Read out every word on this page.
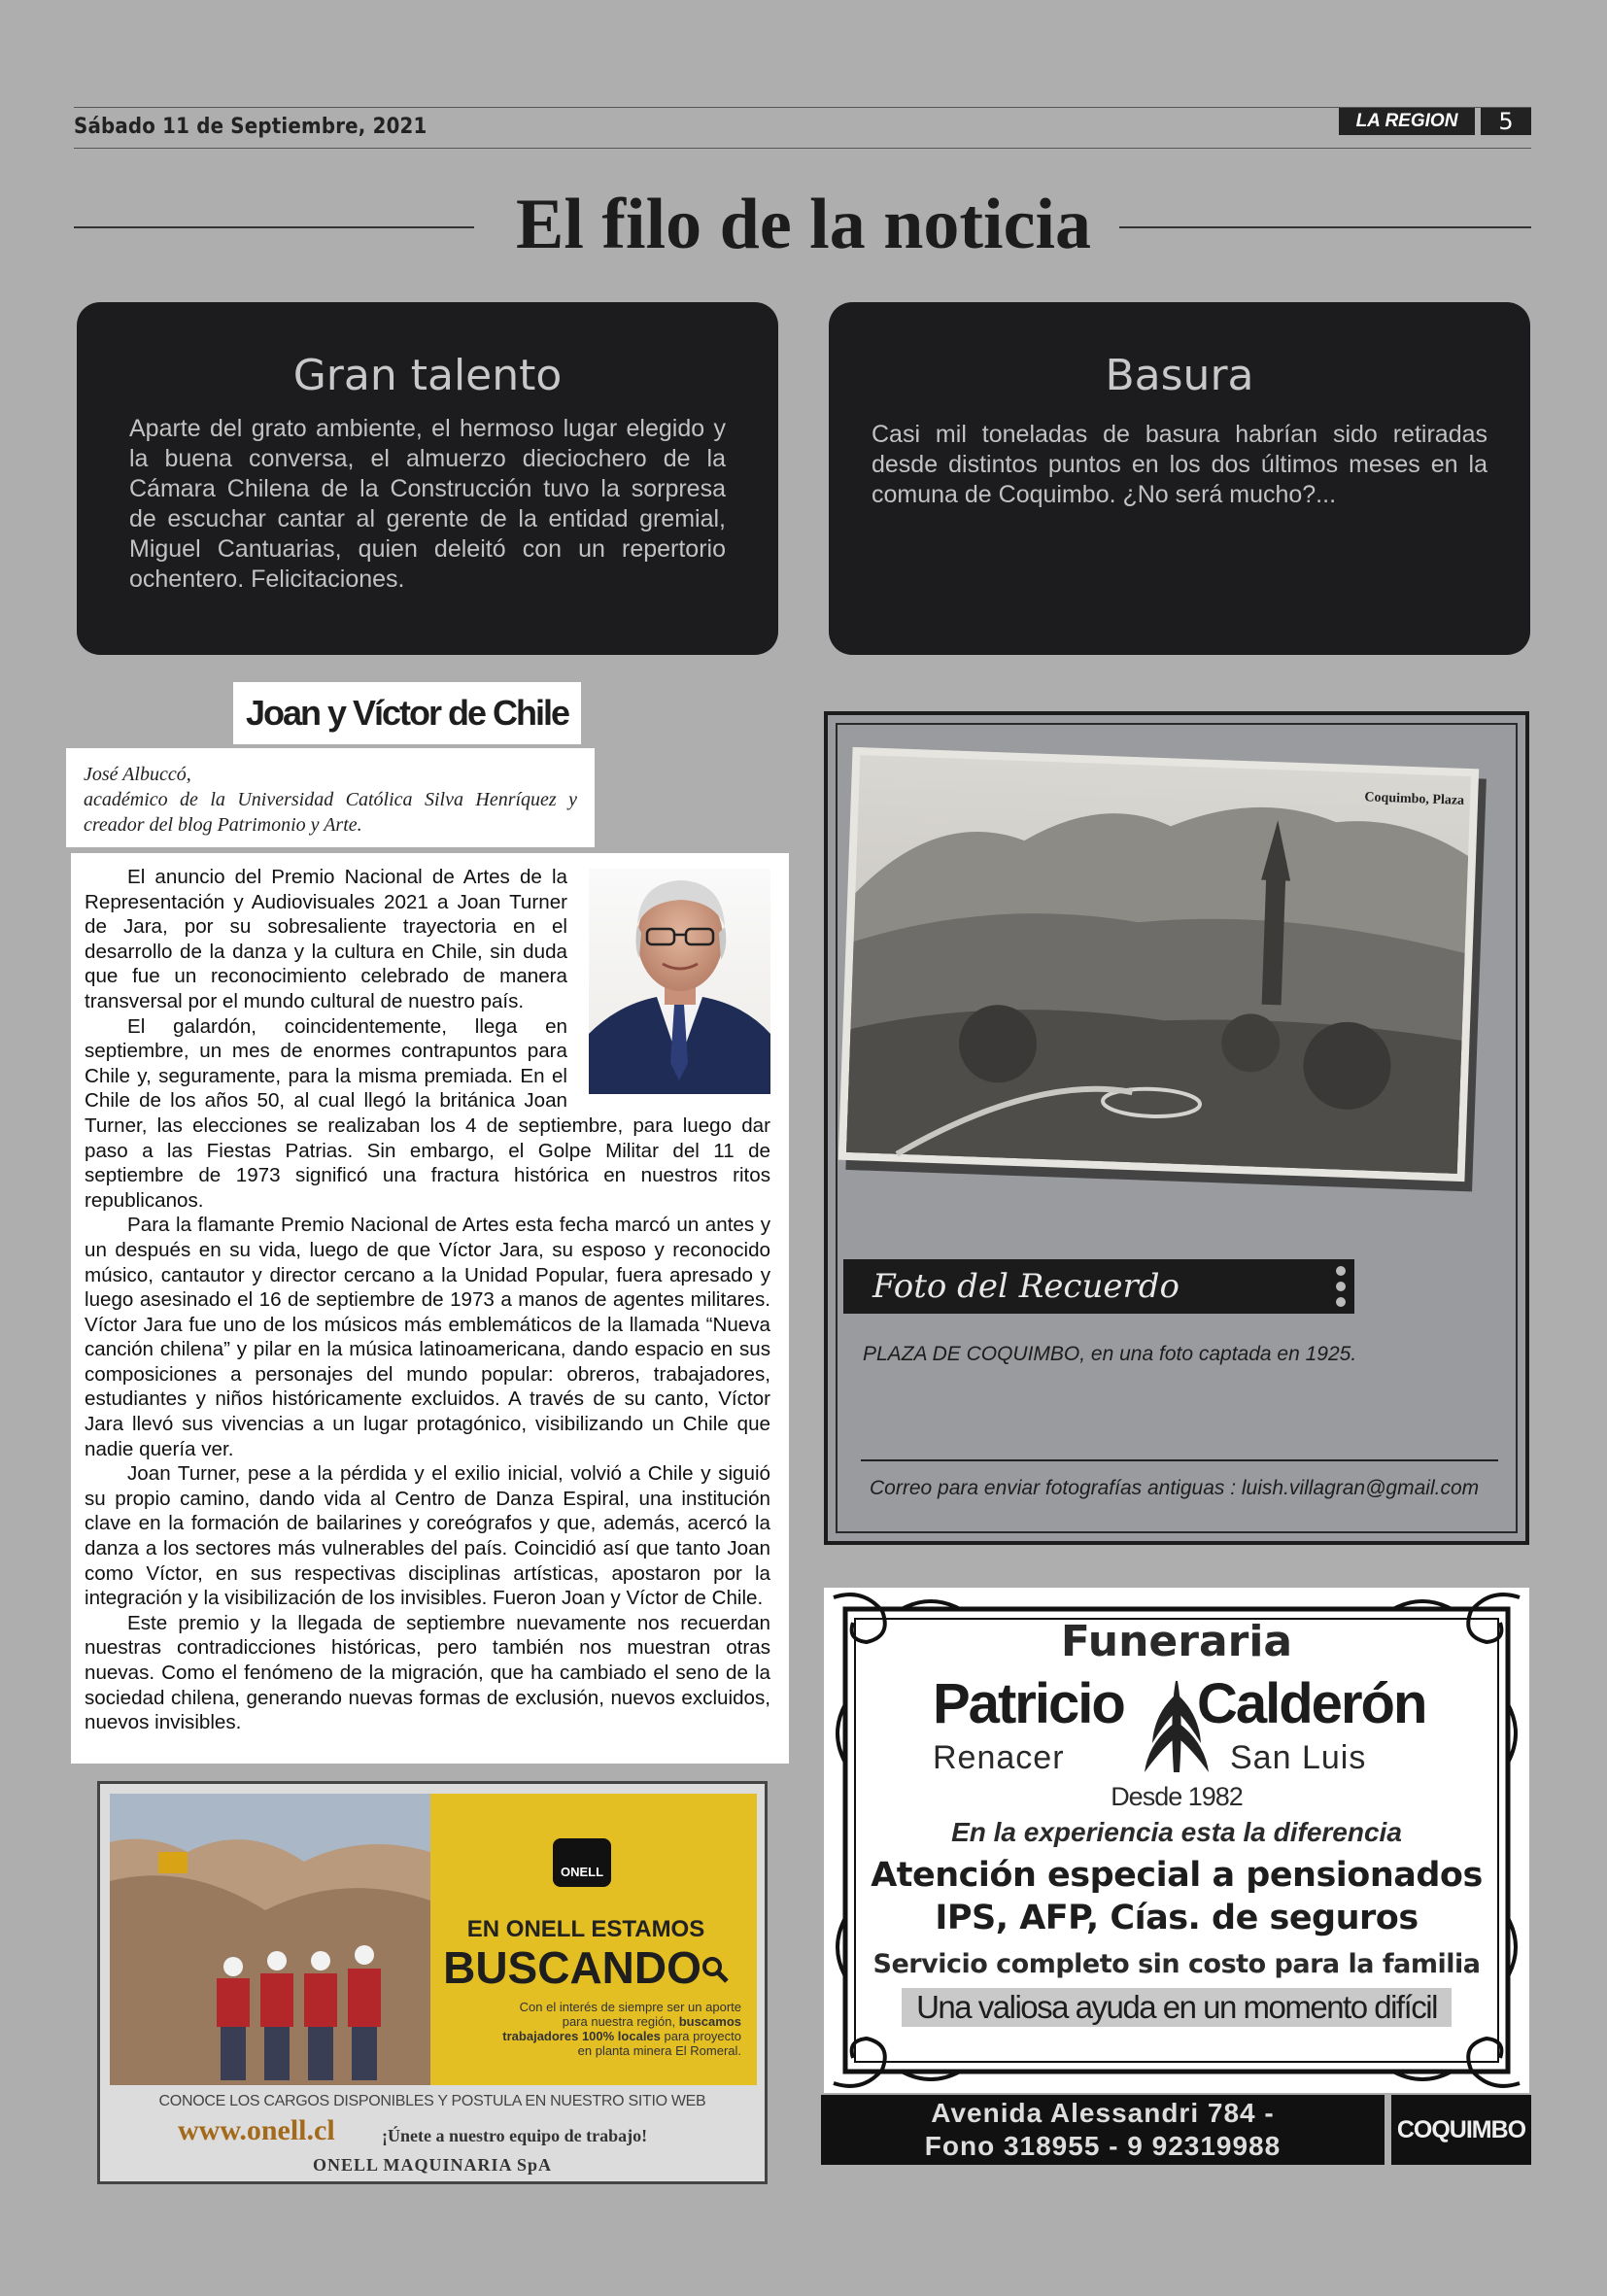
Sábado 11 de Septiembre, 2021	LA REGION	5
El filo de la noticia
Gran talento

Aparte del grato ambiente, el hermoso lugar elegido y la buena conversa, el almuerzo dieciochero de la Cámara Chilena de la Construcción tuvo la sorpresa de escuchar cantar al gerente de la entidad gremial, Miguel Cantuarias, quien deleitó con un repertorio ochentero. Felicitaciones.

Basura

Casi mil toneladas de basura habrían sido retiradas desde distintos puntos en los dos últimos meses en la comuna de Coquimbo. ¿No será mucho?...

Joan y Víctor de Chile
José Albuccó,
académico de la Universidad Católica Silva Henríquez y creador del blog Patrimonio y Arte.

El anuncio del Premio Nacional de Artes de la Representación y Audiovisuales 2021 a Joan Turner de Jara, por su sobresaliente trayectoria en el desarrollo de la danza y la cultura en Chile, sin duda que fue un reconocimiento celebrado de manera transversal por el mundo cultural de nuestro país.

El galardón, coincidentemente, llega en septiembre, un mes de enormes contrapuntos para Chile y, seguramente, para la misma premiada. En el Chile de los años 50, al cual llegó la británica Joan Turner, las elecciones se realizaban los 4 de septiembre, para luego dar paso a las Fiestas Patrias. Sin embargo, el Golpe Militar del 11 de septiembre de 1973 significó una fractura histórica en nuestros ritos republicanos.

Para la flamante Premio Nacional de Artes esta fecha marcó un antes y un después en su vida, luego de que Víctor Jara, su esposo y reconocido músico, cantautor y director cercano a la Unidad Popular, fuera apresado y luego asesinado el 16 de septiembre de 1973 a manos de agentes militares. Víctor Jara fue uno de los músicos más emblemáticos de la llamada “Nueva canción chilena” y pilar en la música latinoamericana, dando espacio en sus composiciones a personajes del mundo popular: obreros, trabajadores, estudiantes y niños históricamente excluidos. A través de su canto, Víctor Jara llevó sus vivencias a un lugar protagónico, visibilizando un Chile que nadie quería ver.

Joan Turner, pese a la pérdida y el exilio inicial, volvió a Chile y siguió su propio camino, dando vida al Centro de Danza Espiral, una institución clave en la formación de bailarines y coreógrafos y que, además, acercó la danza a los sectores más vulnerables del país. Coincidió así que tanto Joan como Víctor, en sus respectivas disciplinas artísticas, apostaron por la integración y la visibilización de los invisibles. Fueron Joan y Víctor de Chile.

Este premio y la llegada de septiembre nuevamente nos recuerdan nuestras contradicciones históricas, pero también nos muestran otras nuevas. Como el fenómeno de la migración, que ha cambiado el seno de la sociedad chilena, generando nuevas formas de exclusión, nuevos excluidos, nuevos invisibles.

Coquimbo, Plaza
Foto del Recuerdo
PLAZA DE COQUIMBO, en una foto captada en 1925.
Correo para enviar fotografías antiguas : luish.villagran@gmail.com
ONELL
EN ONELL ESTAMOS
BUSCANDO
Con el interés de siempre ser un aporte para nuestra región, buscamos trabajadores 100% locales para proyecto en planta minera El Romeral.
CONOCE LOS CARGOS DISPONIBLES Y POSTULA EN NUESTRO SITIO WEB
www.onell.cl	¡Únete a nuestro equipo de trabajo!
ONELL MAQUINARIA SpA
Funeraria
Patricio Calderón
Renacer	San Luis
Desde 1982
En la experiencia esta la diferencia
Atención especial a pensionados
IPS, AFP, Cías. de seguros
Servicio completo sin costo para la familia
Una valiosa ayuda en un momento difícil
Avenida Alessandri 784 -
Fono 318955 - 9 92319988
COQUIMBO
